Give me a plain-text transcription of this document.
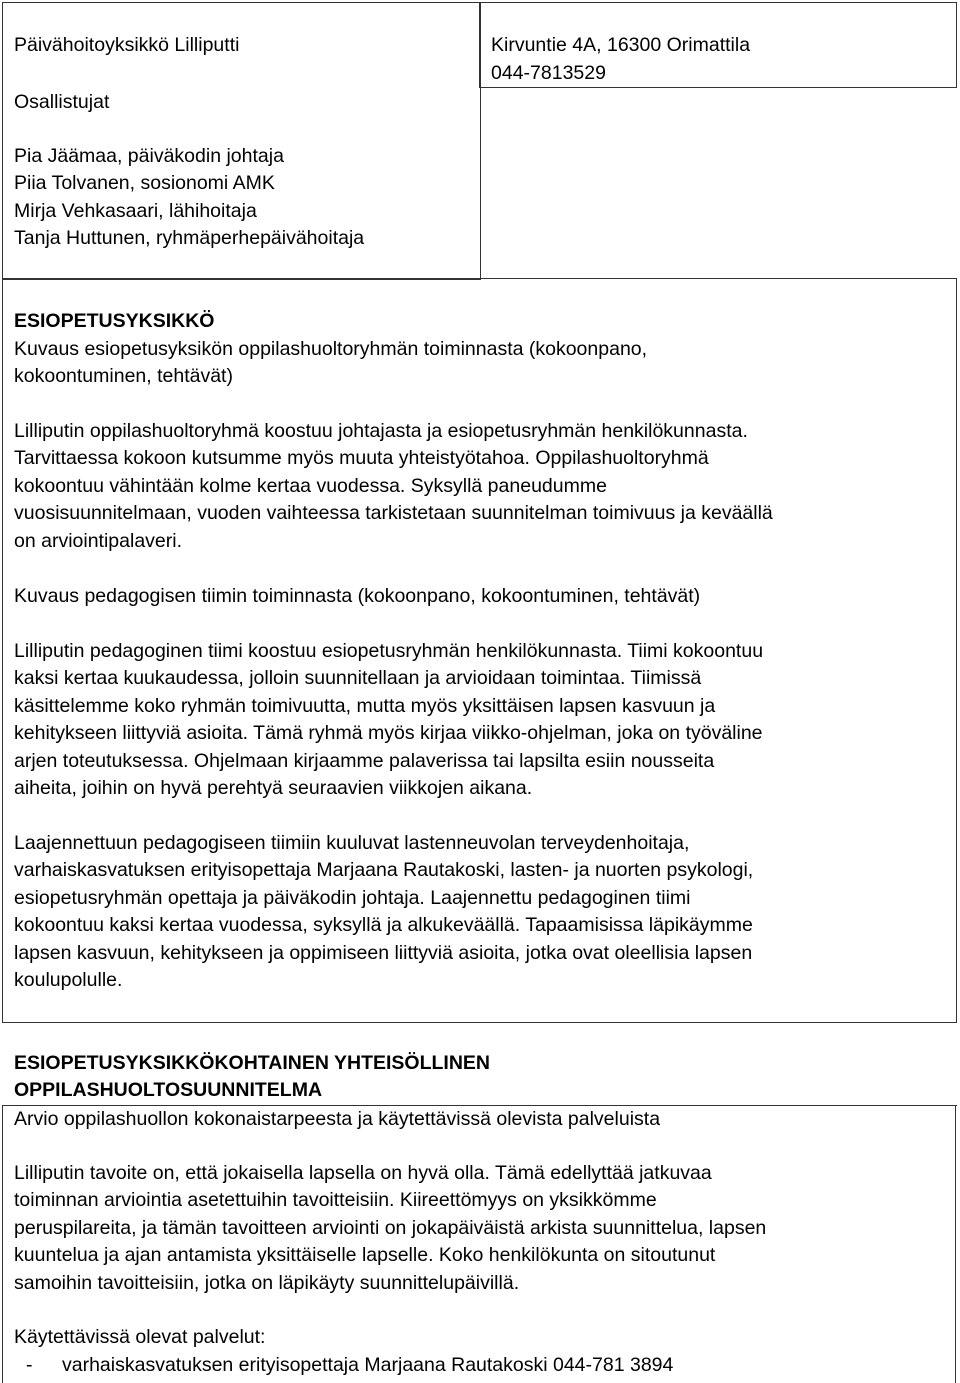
Päivähoitoyksikkö Lilliputti	Kirvuntie 4A, 16300 Orimattila
044-7813529
Osallistujat
Pia Jäämaa, päiväkodin johtaja
Piia Tolvanen, sosionomi AMK
Mirja Vehkasaari, lähihoitaja
Tanja Huttunen, ryhmäperhepäivähoitaja
ESIOPETUSYKSIKKÖ
Kuvaus esiopetusyksikön oppilashuoltoryhmän toiminnasta (kokoonpano,
kokoontuminen, tehtävät)
Lilliputin oppilashuoltoryhmä koostuu johtajasta ja esiopetusryhmän henkilökunnasta.
Tarvittaessa kokoon kutsumme myös muuta yhteistyötahoa. Oppilashuoltoryhmä
kokoontuu vähintään kolme kertaa vuodessa. Syksyllä paneudumme
vuosisuunnitelmaan, vuoden vaihteessa tarkistetaan suunnitelman toimivuus ja keväällä
on arviointipalaveri.
Kuvaus pedagogisen tiimin toiminnasta (kokoonpano, kokoontuminen, tehtävät)
Lilliputin pedagoginen tiimi koostuu esiopetusryhmän henkilökunnasta. Tiimi kokoontuu
kaksi kertaa kuukaudessa, jolloin suunnitellaan ja arvioidaan toimintaa. Tiimissä
käsittelemme koko ryhmän toimivuutta, mutta myös yksittäisen lapsen kasvuun ja
kehitykseen liittyviä asioita. Tämä ryhmä myös kirjaa viikko-ohjelman, joka on työväline
arjen toteutuksessa. Ohjelmaan kirjaamme palaverissa tai lapsilta esiin nousseita
aiheita, joihin on hyvä perehtyä seuraavien viikkojen aikana.
Laajennettuun pedagogiseen tiimiin kuuluvat lastenneuvolan terveydenhoitaja,
varhaiskasvatuksen erityisopettaja Marjaana Rautakoski, lasten- ja nuorten psykologi,
esiopetusryhmän opettaja ja päiväkodin johtaja. Laajennettu pedagoginen tiimi
kokoontuu kaksi kertaa vuodessa, syksyllä ja alkukeväällä. Tapaamisissa läpikäymme
lapsen kasvuun, kehitykseen ja oppimiseen liittyviä asioita, jotka ovat oleellisia lapsen
koulupolulle.
ESIOPETUSYKSIKKÖKOHTAINEN YHTEISÖLLINEN
OPPILASHUOLTOSUUNNITELMA
Arvio oppilashuollon kokonaistarpeesta ja käytettävissä olevista palveluista
Lilliputin tavoite on, että jokaisella lapsella on hyvä olla. Tämä edellyttää jatkuvaa
toiminnan arviointia asetettuihin tavoitteisiin. Kiireettömyys on yksikkömme
peruspilareita, ja tämän tavoitteen arviointi on jokapäiväistä arkista suunnittelua, lapsen
kuuntelua ja ajan antamista yksittäiselle lapselle. Koko henkilökunta on sitoutunut
samoihin tavoitteisiin, jotka on läpikäyty suunnittelupäivillä.
Käytettävissä olevat palvelut:
- varhaiskasvatuksen erityisopettaja Marjaana Rautakoski 044-781 3894
